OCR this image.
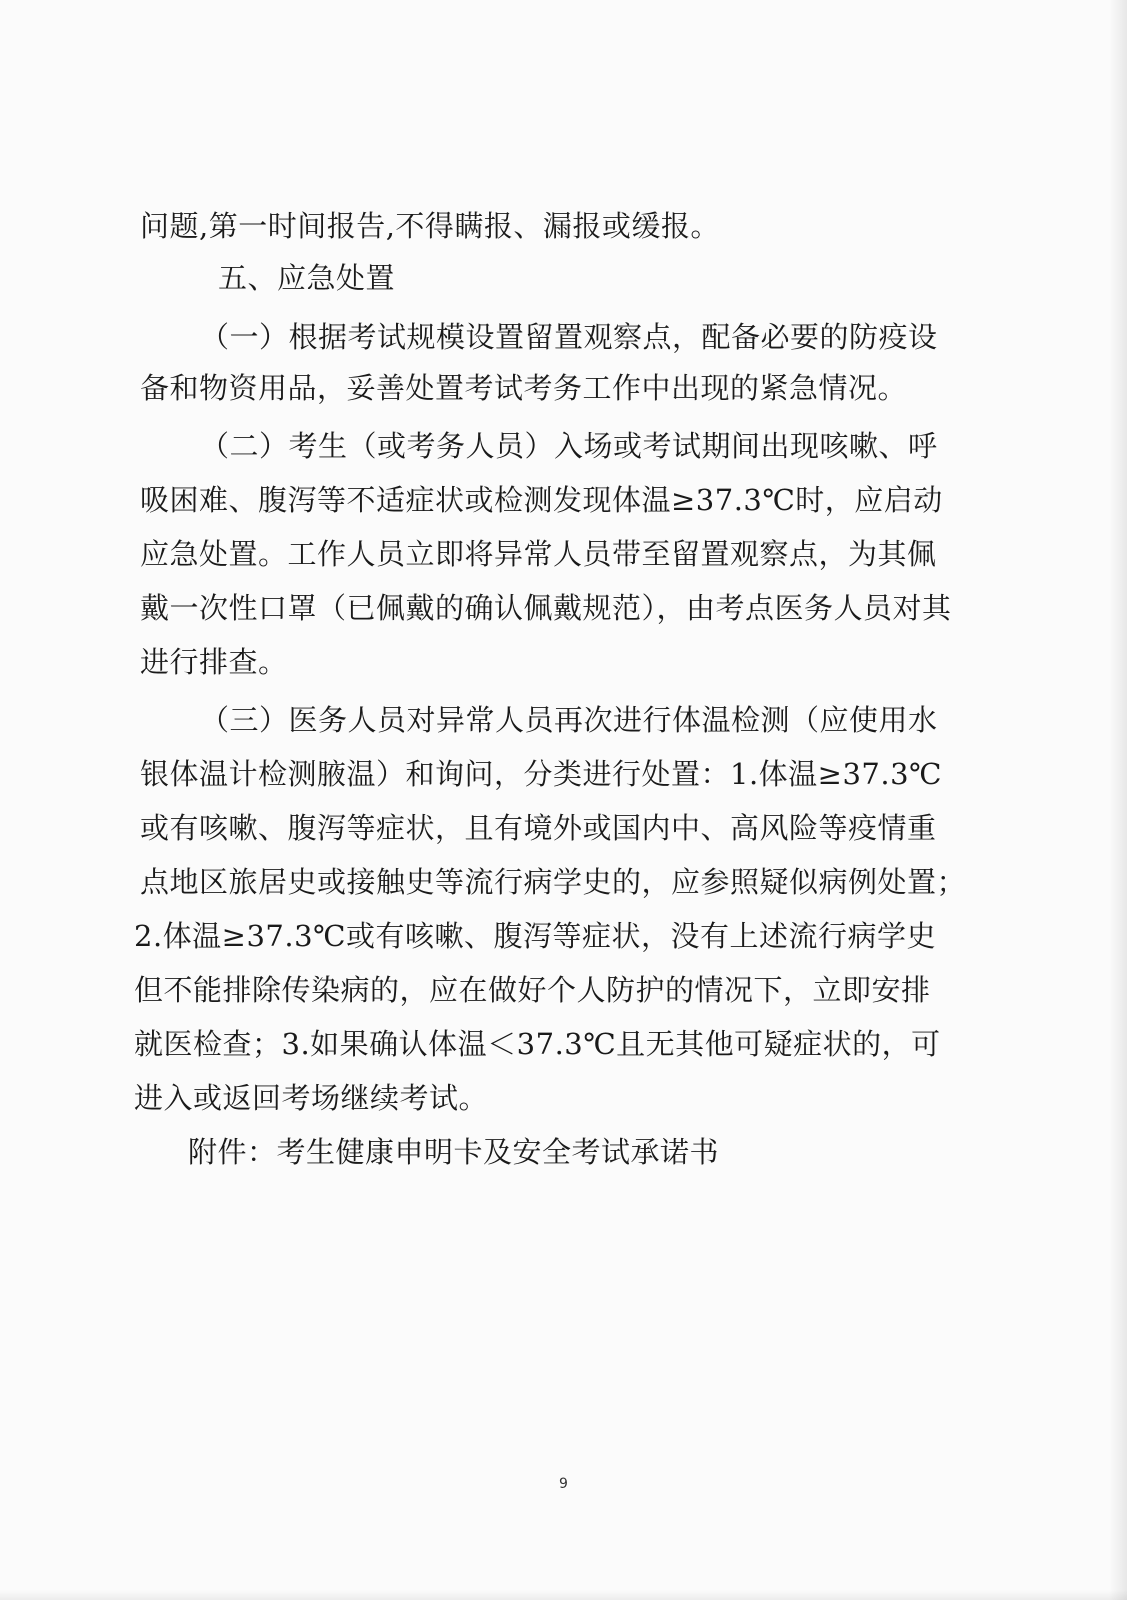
问题,第一时间报告,不得瞒报、漏报或缓报。
五、应急处置
（一）根据考试规模设置留置观察点，配备必要的防疫设
备和物资用品，妥善处置考试考务工作中出现的紧急情况。
（二）考生（或考务人员）入场或考试期间出现咳嗽、呼
吸困难、腹泻等不适症状或检测发现体温≥37.3℃时，应启动
应急处置。工作人员立即将异常人员带至留置观察点，为其佩
戴一次性口罩（已佩戴的确认佩戴规范），由考点医务人员对其
进行排查。
（三）医务人员对异常人员再次进行体温检测（应使用水
银体温计检测腋温）和询问，分类进行处置：1.体温≥37.3℃
或有咳嗽、腹泻等症状，且有境外或国内中、高风险等疫情重
点地区旅居史或接触史等流行病学史的，应参照疑似病例处置；
2.体温≥37.3℃或有咳嗽、腹泻等症状，没有上述流行病学史
但不能排除传染病的，应在做好个人防护的情况下，立即安排
就医检查；3.如果确认体温＜37.3℃且无其他可疑症状的，可
进入或返回考场继续考试。
附件：考生健康申明卡及安全考试承诺书
9
